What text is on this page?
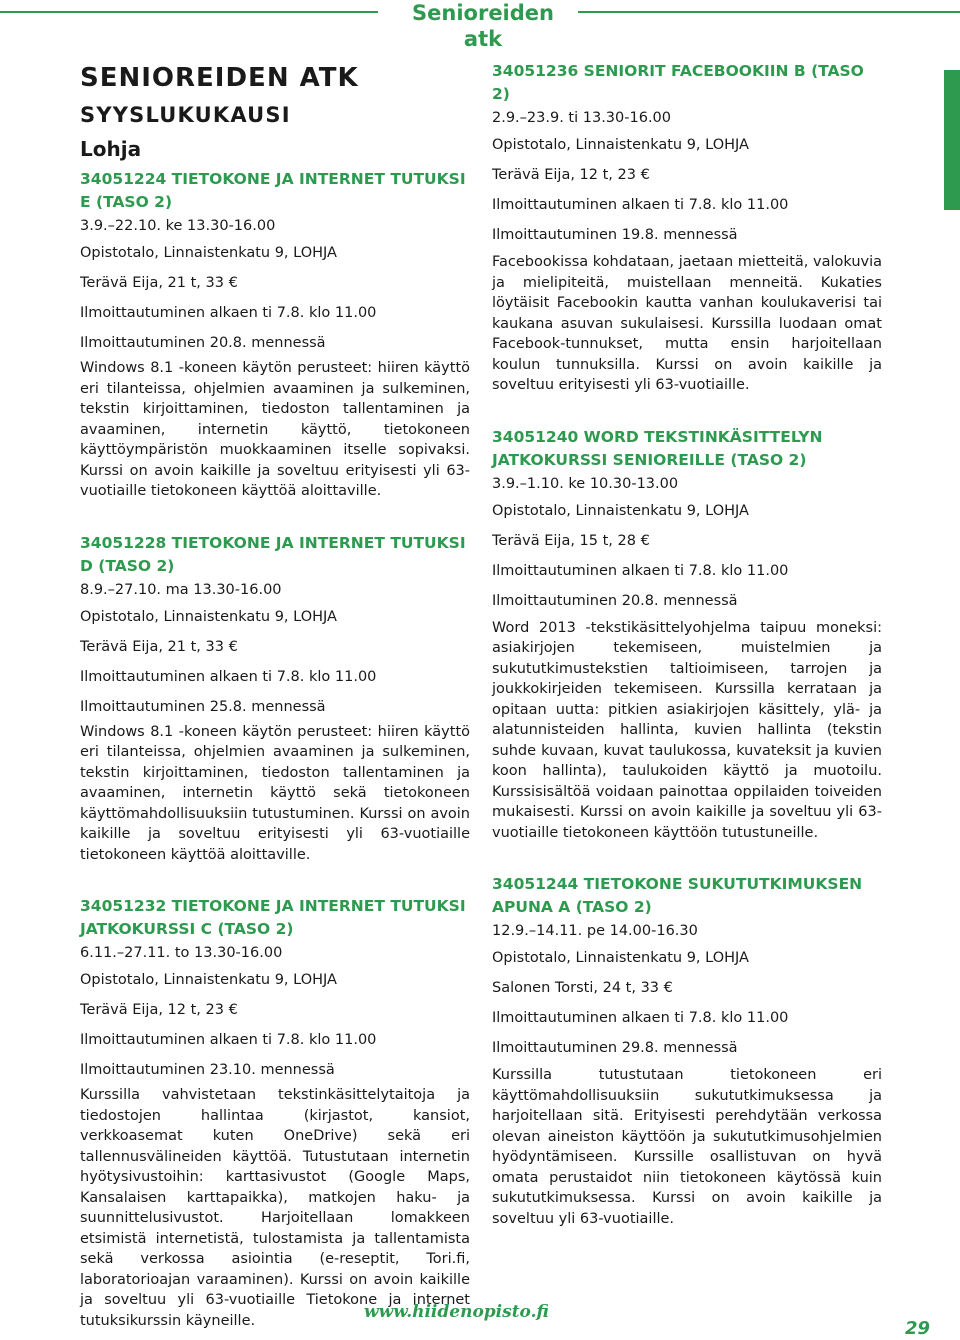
Senioreiden atk
SENIOREIDEN ATK
SYYSLUKUKAUSI
Lohja
34051224 TIETOKONE JA INTERNET TUTUKSI E (TASO 2)
3.9.–22.10. ke 13.30-16.00
Opistotalo, Linnaistenkatu 9, LOHJA
Terävä Eija, 21 t, 33 €
Ilmoittautuminen alkaen ti 7.8. klo 11.00
Ilmoittautuminen 20.8. mennessä
Windows 8.1 -koneen käytön perusteet: hiiren käyttö eri tilanteissa, ohjelmien avaaminen ja sulkeminen, tekstin kirjoittaminen, tiedoston tallentaminen ja avaaminen, internetin käyttö, tietokoneen käyttöympäristön muokkaaminen itselle sopivaksi. Kurssi on avoin kaikille ja soveltuu erityisesti yli 63-vuotiaille tietokoneen käyttöä aloittaville.
34051228 TIETOKONE JA INTERNET TUTUKSI D (TASO 2)
8.9.–27.10. ma 13.30-16.00
Opistotalo, Linnaistenkatu 9, LOHJA
Terävä Eija, 21 t, 33 €
Ilmoittautuminen alkaen ti 7.8. klo 11.00
Ilmoittautuminen 25.8. mennessä
Windows 8.1 -koneen käytön perusteet: hiiren käyttö eri tilanteissa, ohjelmien avaaminen ja sulkeminen, tekstin kirjoittaminen, tiedoston tallentaminen ja avaaminen, internetin käyttö sekä tietokoneen käyttömahdollisuuksiin tutustuminen. Kurssi on avoin kaikille ja soveltuu erityisesti yli 63-vuotiaille tietokoneen käyttöä aloittaville.
34051232 TIETOKONE JA INTERNET TUTUKSI JATKOKURSSI C (TASO 2)
6.11.–27.11. to 13.30-16.00
Opistotalo, Linnaistenkatu 9, LOHJA
Terävä Eija, 12 t, 23 €
Ilmoittautuminen alkaen ti 7.8. klo 11.00
Ilmoittautuminen 23.10. mennessä
Kurssilla vahvistetaan tekstinkäsittelytaitoja ja tiedostojen hallintaa (kirjastot, kansiot, verkkoasemat kuten OneDrive) sekä eri tallennusvälineiden käyttöä. Tutustutaan internetin hyötysivustoihin: karttasivustot (Google Maps, Kansalaisen karttapaikka), matkojen haku- ja suunnittelusivustot. Harjoitellaan lomakkeen etsimistä internetistä, tulostamista ja tallentamista sekä verkossa asiointia (e-reseptit, Tori.fi, laboratorioajan varaaminen). Kurssi on avoin kaikille ja soveltuu yli 63-vuotiaille Tietokone ja internet tutuksikurssin käyneille.
34051236 SENIORIT FACEBOOKIIN B (TASO 2)
2.9.–23.9. ti 13.30-16.00
Opistotalo, Linnaistenkatu 9, LOHJA
Terävä Eija, 12 t, 23 €
Ilmoittautuminen alkaen ti 7.8. klo 11.00
Ilmoittautuminen 19.8. mennessä
Facebookissa kohdataan, jaetaan mietteitä, valokuvia ja mielipiteitä, muistellaan menneitä. Kukaties löytäisit Facebookin kautta vanhan koulukaverisi tai kaukana asuvan sukulaisesi. Kurssilla luodaan omat Facebook-tunnukset, mutta ensin harjoitellaan koulun tunnuksilla. Kurssi on avoin kaikille ja soveltuu erityisesti yli 63-vuotiaille.
34051240 WORD TEKSTINKÄSITTELYN JATKOKURSSI SENIOREILLE (TASO 2)
3.9.–1.10. ke 10.30-13.00
Opistotalo, Linnaistenkatu 9, LOHJA
Terävä Eija, 15 t, 28 €
Ilmoittautuminen alkaen ti 7.8. klo 11.00
Ilmoittautuminen 20.8. mennessä
Word 2013 -tekstikäsittelyohjelma taipuu moneksi: asiakirjojen tekemiseen, muistelmien ja sukututkimustekstien taltioimiseen, tarrojen ja joukkokirjeiden tekemiseen. Kurssilla kerrataan ja opitaan uutta: pitkien asiakirjojen käsittely, ylä- ja alatunnisteiden hallinta, kuvien hallinta (tekstin suhde kuvaan, kuvat taulukossa, kuvateksit ja kuvien koon hallinta), taulukoiden käyttö ja muotoilu. Kurssisisältöä voidaan painottaa oppilaiden toiveiden mukaisesti. Kurssi on avoin kaikille ja soveltuu yli 63-vuotiaille tietokoneen käyttöön tutustuneille.
34051244 TIETOKONE SUKUTUTKIMUKSEN APUNA A (TASO 2)
12.9.–14.11. pe 14.00-16.30
Opistotalo, Linnaistenkatu 9, LOHJA
Salonen Torsti, 24 t, 33 €
Ilmoittautuminen alkaen ti 7.8. klo 11.00
Ilmoittautuminen 29.8. mennessä
Kurssilla tutustutaan tietokoneen eri käyttömahdollisuuksiin sukututkimuksessa ja harjoitellaan sitä. Erityisesti perehdytään verkossa olevan aineiston käyttöön ja sukututkimusohjelmien hyödyntämiseen. Kurssille osallistuvan on hyvä omata perustaidot niin tietokoneen käytössä kuin sukututkimuksessa. Kurssi on avoin kaikille ja soveltuu yli 63-vuotiaille.
www.hiidenopisto.fi
29
